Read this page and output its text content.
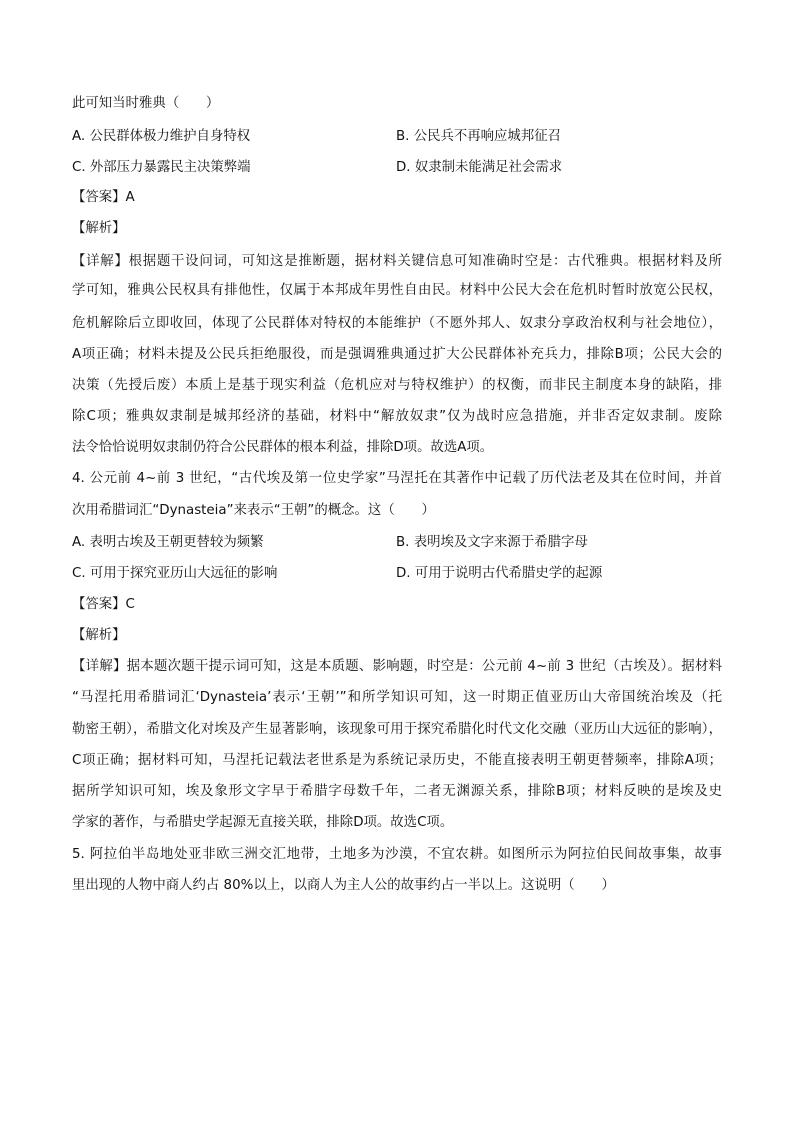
此可知当时雅典（　　）
A. 公民群体极力维护自身特权	B. 公民兵不再响应城邦征召
C. 外部压力暴露民主决策弊端	D. 奴隶制未能满足社会需求
【答案】A
【解析】
【详解】根据题干设问词，可知这是推断题，据材料关键信息可知准确时空是：古代雅典。根据材料及所
学可知，雅典公民权具有排他性，仅属于本邦成年男性自由民。材料中公民大会在危机时暂时放宽公民权，
危机解除后立即收回，体现了公民群体对特权的本能维护（不愿外邦人、奴隶分享政治权利与社会地位），
A项正确；材料未提及公民兵拒绝服役，而是强调雅典通过扩大公民群体补充兵力，排除B项；公民大会的
决策（先授后废）本质上是基于现实利益（危机应对与特权维护）的权衡，而非民主制度本身的缺陷，排
除C项；雅典奴隶制是城邦经济的基础，材料中“解放奴隶”仅为战时应急措施，并非否定奴隶制。废除
法令恰恰说明奴隶制仍符合公民群体的根本利益，排除D项。故选A项。
4. 公元前 4~前 3 世纪，“古代埃及第一位史学家”马涅托在其著作中记载了历代法老及其在位时间，并首
次用希腊词汇“Dynasteia”来表示“王朝”的概念。这（　　）
A. 表明古埃及王朝更替较为频繁	B. 表明埃及文字来源于希腊字母
C. 可用于探究亚历山大远征的影响	D. 可用于说明古代希腊史学的起源
【答案】C
【解析】
【详解】据本题次题干提示词可知，这是本质题、影响题，时空是：公元前 4~前 3 世纪（古埃及）。据材料
“马涅托用希腊词汇‘Dynasteia’表示‘王朝’”和所学知识可知，这一时期正值亚历山大帝国统治埃及（托
勒密王朝），希腊文化对埃及产生显著影响，该现象可用于探究希腊化时代文化交融（亚历山大远征的影响），
C项正确；据材料可知，马涅托记载法老世系是为系统记录历史，不能直接表明王朝更替频率，排除A项；
据所学知识可知，埃及象形文字早于希腊字母数千年，二者无渊源关系，排除B项；材料反映的是埃及史
学家的著作，与希腊史学起源无直接关联，排除D项。故选C项。
5. 阿拉伯半岛地处亚非欧三洲交汇地带，土地多为沙漠，不宜农耕。如图所示为阿拉伯民间故事集，故事
里出现的人物中商人约占 80%以上，以商人为主人公的故事约占一半以上。这说明（　　）
